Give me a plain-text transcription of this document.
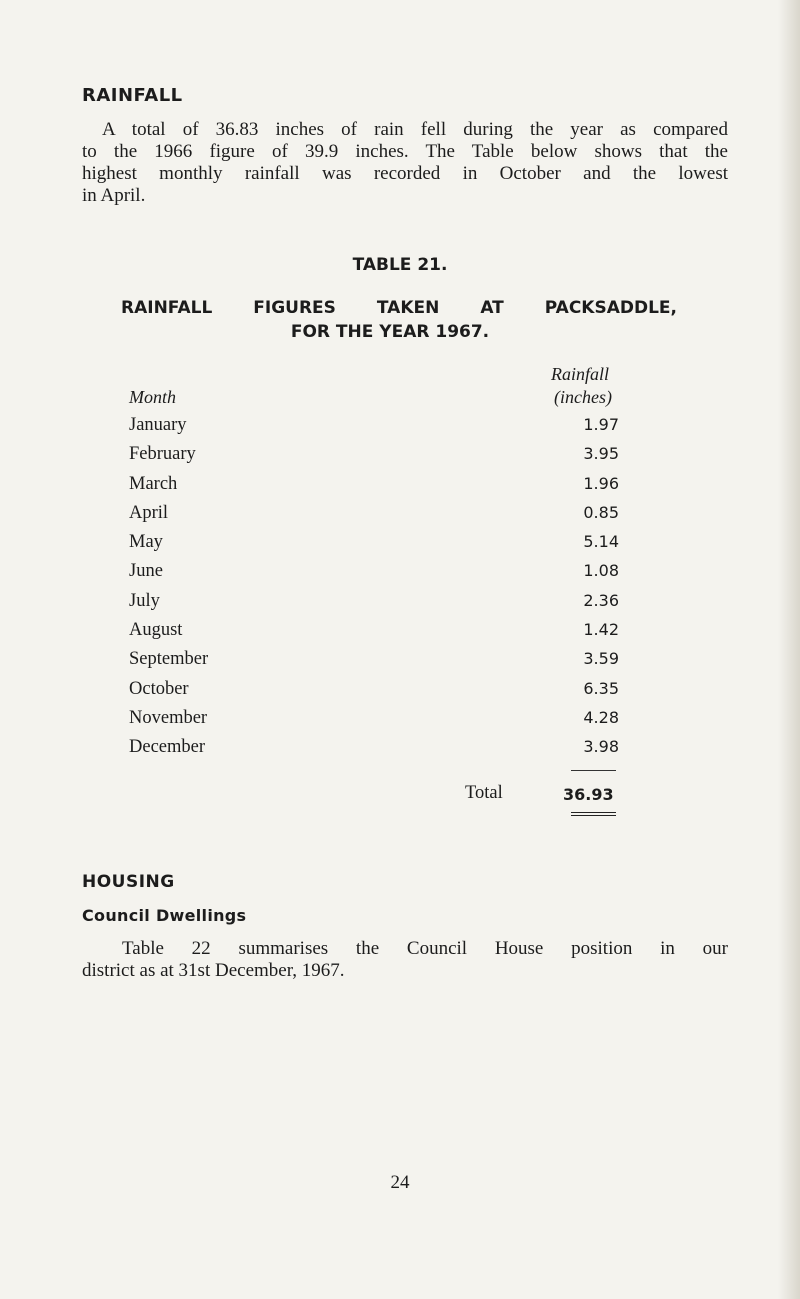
RAINFALL
A total of 36.83 inches of rain fell during the year as compared
to the 1966 figure of 39.9 inches. The Table below shows that the
highest monthly rainfall was recorded in October and the lowest
in April.
TABLE 21.
RAINFALL FIGURES TAKEN AT PACKSADDLE,
FOR THE YEAR 1967.
Month
Rainfall
(inches)
January	1.97
February	3.95
March	1.96
April	0.85
May	5.14
June	1.08
July	2.36
August	1.42
September	3.59
October	6.35
November	4.28
December	3.98
Total	36.93
HOUSING
Council Dwellings
Table 22 summarises the Council House position in our
district as at 31st December, 1967.
24
